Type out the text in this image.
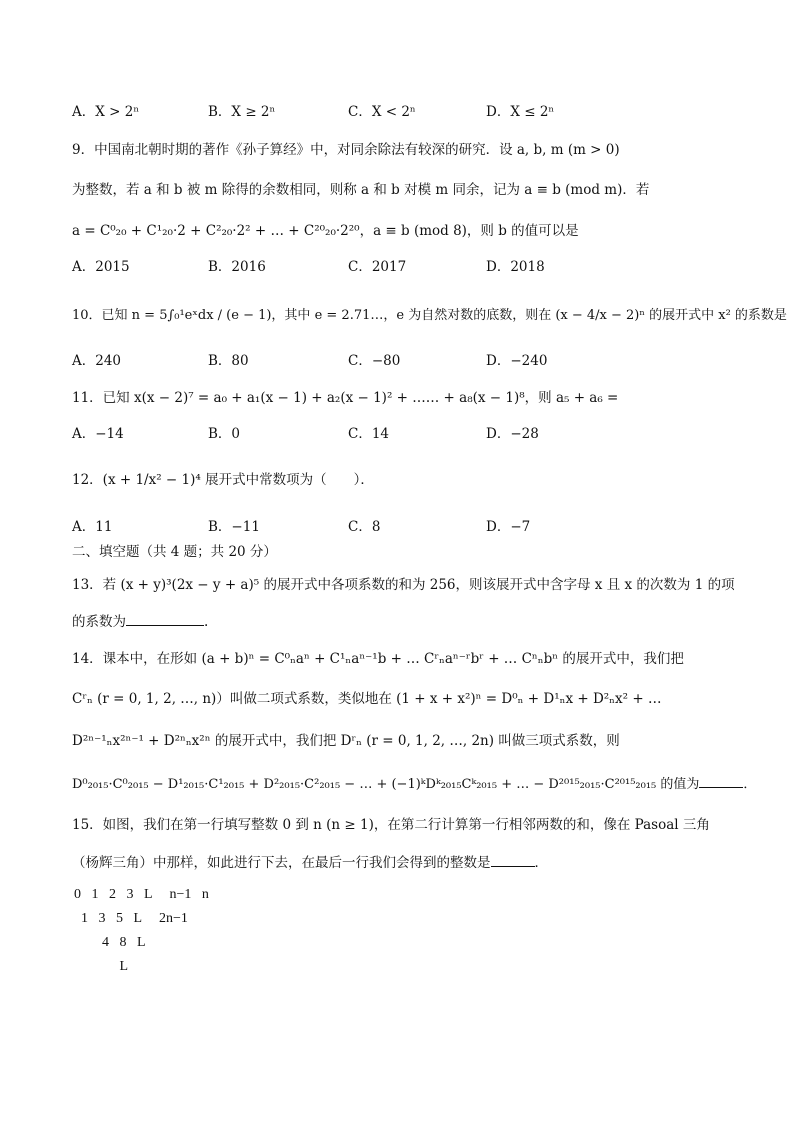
A．X > 2ⁿ	B．X ≥ 2ⁿ	C．X < 2ⁿ	D．X ≤ 2ⁿ
9．中国南北朝时期的著作《孙子算经》中，对同余除法有较深的研究．设 a, b, m (m > 0)
为整数，若 a 和 b 被 m 除得的余数相同，则称 a 和 b 对模 m 同余，记为 a ≡ b (mod m)．若
a = C⁰₂₀ + C¹₂₀·2 + C²₂₀·2² + … + C²⁰₂₀·2²⁰，a ≡ b (mod 8)，则 b 的值可以是
A．2015	B．2016	C．2017	D．2018
10．已知 n = 5∫₀¹eˣdx / (e − 1)，其中 e = 2.71…，e 为自然对数的底数，则在 (x − 4/x − 2)ⁿ 的展开式中 x² 的系数是
A．240	B．80	C．−80	D．−240
11．已知 x(x − 2)⁷ = a₀ + a₁(x − 1) + a₂(x − 1)² + …… + a₈(x − 1)⁸，则 a₅ + a₆ =
A．−14	B．0	C．14	D．−28
12．(x + 1/x² − 1)⁴ 展开式中常数项为（　　）．
A．11	B．−11	C．8	D．−7
二、填空题（共 4 题；共 20 分）
13．若 (x + y)³(2x − y + a)⁵ 的展开式中各项系数的和为 256，则该展开式中含字母 x 且 x 的次数为 1 的项
的系数为	.
14．课本中，在形如 (a + b)ⁿ = C⁰ₙaⁿ + C¹ₙaⁿ⁻¹b + … Cʳₙaⁿ⁻ʳbʳ + … Cⁿₙbⁿ 的展开式中，我们把
Cʳₙ (r = 0, 1, 2, …, n)）叫做二项式系数，类似地在 (1 + x + x²)ⁿ = D⁰ₙ + D¹ₙx + D²ₙx² + …
D²ⁿ⁻¹ₙx²ⁿ⁻¹ + D²ⁿₙx²ⁿ 的展开式中，我们把 Dʳₙ (r = 0, 1, 2, …, 2n) 叫做三项式系数，则
D⁰₂₀₁₅·C⁰₂₀₁₅ − D¹₂₀₁₅·C¹₂₀₁₅ + D²₂₀₁₅·C²₂₀₁₅ − … + (−1)ᵏDᵏ₂₀₁₅Cᵏ₂₀₁₅ + … − D²⁰¹⁵₂₀₁₅·C²⁰¹⁵₂₀₁₅ 的值为	．
15．如图，我们在第一行填写整数 0 到 n (n ≥ 1)，在第二行计算第一行相邻两数的和，像在 Pasoal 三角
（杨辉三角）中那样，如此进行下去，在最后一行我们会得到的整数是	．
0   1   2   3   L     n−1   n
1   3   5   L     2n−1
4   8   L
L
